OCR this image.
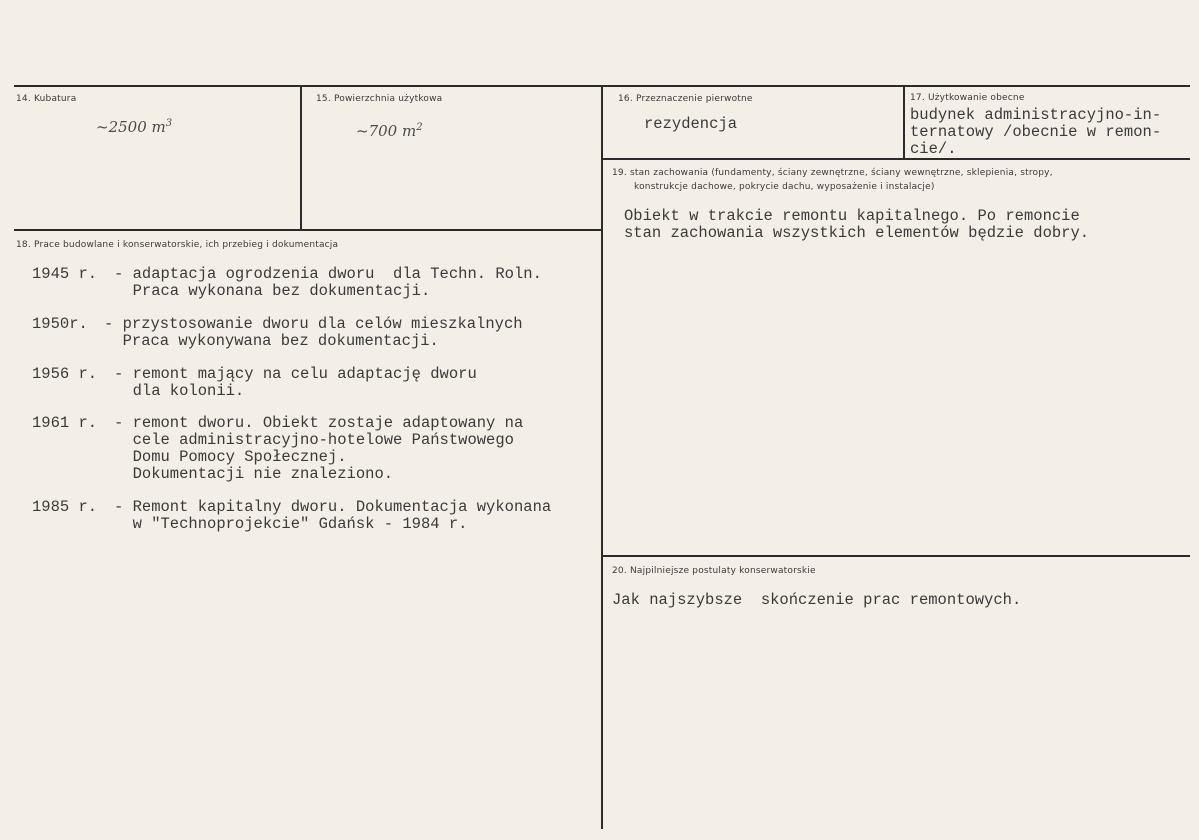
14. Kubatura
~2500 $m^3$
15. Powierzchnia użytkowa
~700 $m^2$
16. Przeznaczenie pierwotne
rezydencja
17. Użytkowanie obecne
budynek administracyjno-in-
ternatowy /obecnie w remon-
cie/.
18. Prace budowlane i konserwatorskie, ich przebieg i dokumentacja
1945 r. - adaptacja ogrodzenia dworu  dla Techn. Roln.
Praca wykonana bez dokumentacji.
1950r. - przystosowanie dworu dla celów mieszkalnych
Praca wykonywana bez dokumentacji.
1956 r. - remont mający na celu adaptację dworu
dla kolonii.
1961 r. - remont dworu. Obiekt zostaje adaptowany na
cele administracyjno-hotelowe Państwowego
Domu Pomocy Społecznej.
Dokumentacji nie znaleziono.
1985 r. - Remont kapitalny dworu. Dokumentacja wykonana
w "Technoprojekcie" Gdańsk - 1984 r.
19. stan zachowania (fundamenty, ściany zewnętrzne, ściany wewnętrzne, sklepienia, stropy,
konstrukcje dachowe, pokrycie dachu, wyposażenie i instalacje)
Obiekt w trakcie remontu kapitalnego. Po remoncie
stan zachowania wszystkich elementów będzie dobry.
20. Najpilniejsze postulaty konserwatorskie
Jak najszybsze  skończenie prac remontowych.
